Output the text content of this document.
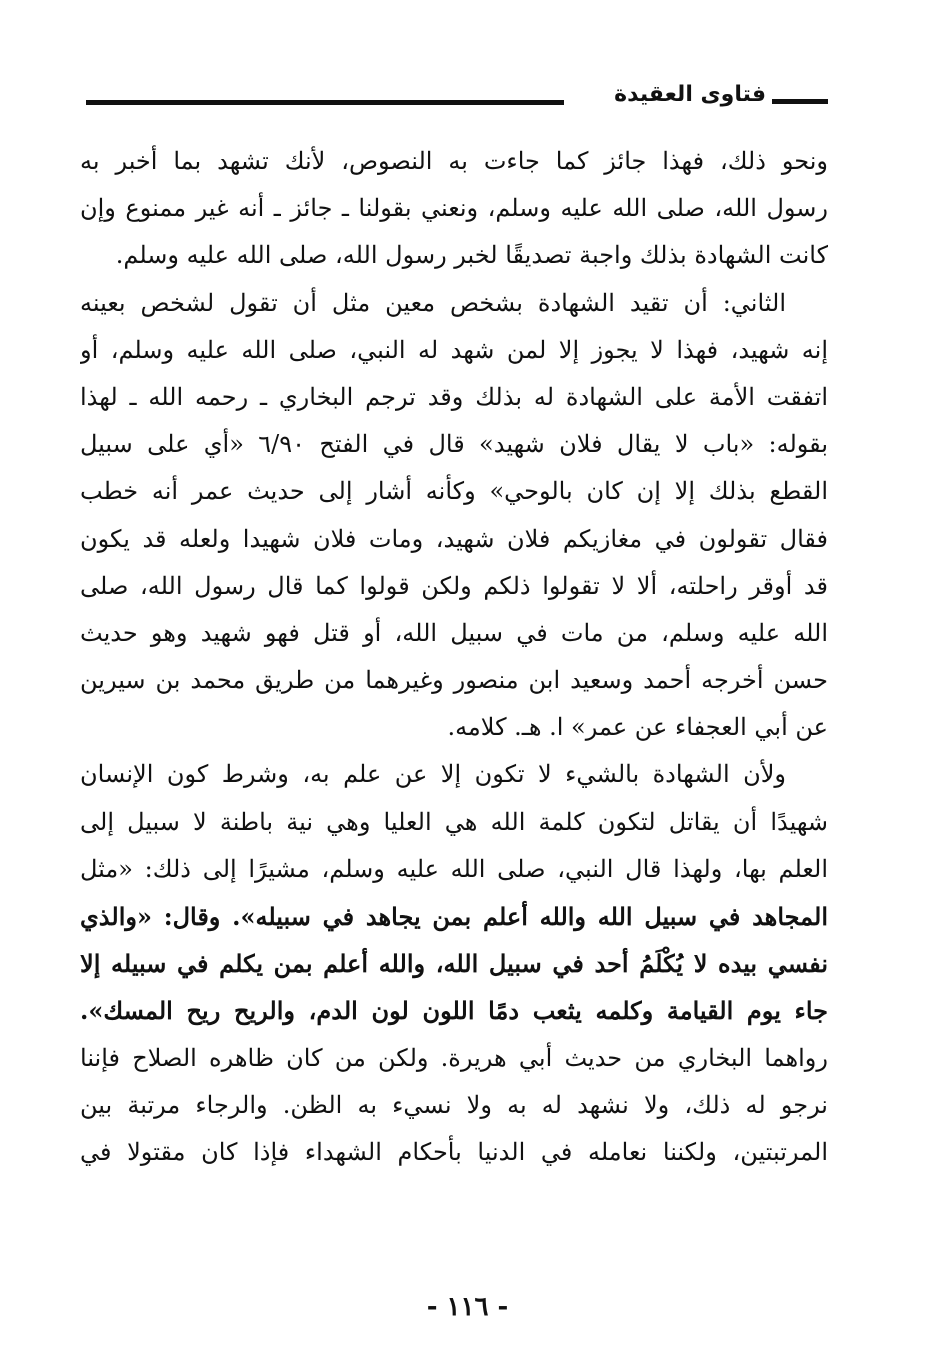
فتاوى العقيدة
ونحو ذلك، فهذا جائز كما جاءت به النصوص، لأنك تشهد بما أخبر به
رسول الله، صلى الله عليه وسلم، ونعني بقولنا ـ جائز ـ أنه غير ممنوع وإن
كانت الشهادة بذلك واجبة تصديقًا لخبر رسول الله، صلى الله عليه وسلم.
الثاني: أن تقيد الشهادة بشخص معين مثل أن تقول لشخص بعينه
إنه شهيد، فهذا لا يجوز إلا لمن شهد له النبي، صلى الله عليه وسلم، أو
اتفقت الأمة على الشهادة له بذلك وقد ترجم البخاري ـ رحمه الله ـ لهذا
بقوله: «باب لا يقال فلان شهيد» قال في الفتح ٦/٩٠ «أي على سبيل
القطع بذلك إلا إن كان بالوحي» وكأنه أشار إلى حديث عمر أنه خطب
فقال تقولون في مغازيكم فلان شهيد، ومات فلان شهيدا ولعله قد يكون
قد أوقر راحلته، ألا لا تقولوا ذلكم ولكن قولوا كما قال رسول الله، صلى
الله عليه وسلم، من مات في سبيل الله، أو قتل فهو شهيد وهو حديث
حسن أخرجه أحمد وسعيد ابن منصور وغيرهما من طريق محمد بن سيرين
عن أبي العجفاء عن عمر» ا. هـ. كلامه.
ولأن الشهادة بالشيء لا تكون إلا عن علم به، وشرط كون الإنسان
شهيدًا أن يقاتل لتكون كلمة الله هي العليا وهي نية باطنة لا سبيل إلى
العلم بها، ولهذا قال النبي، صلى الله عليه وسلم، مشيرًا إلى ذلك: «مثل
المجاهد في سبيل الله والله أعلم بمن يجاهد في سبيله». وقال: «والذي
نفسي بيده لا يُكْلَمُ أحد في سبيل الله، والله أعلم بمن يكلم في سبيله إلا
جاء يوم القيامة وكلمه يثعب دمًا اللون لون الدم، والريح ريح المسك».
رواهما البخاري من حديث أبي هريرة. ولكن من كان ظاهره الصلاح فإننا
نرجو له ذلك، ولا نشهد له به ولا نسيء به الظن. والرجاء مرتبة بين
المرتبتين، ولكننا نعامله في الدنيا بأحكام الشهداء فإذا كان مقتولا في
- ١١٦ -
